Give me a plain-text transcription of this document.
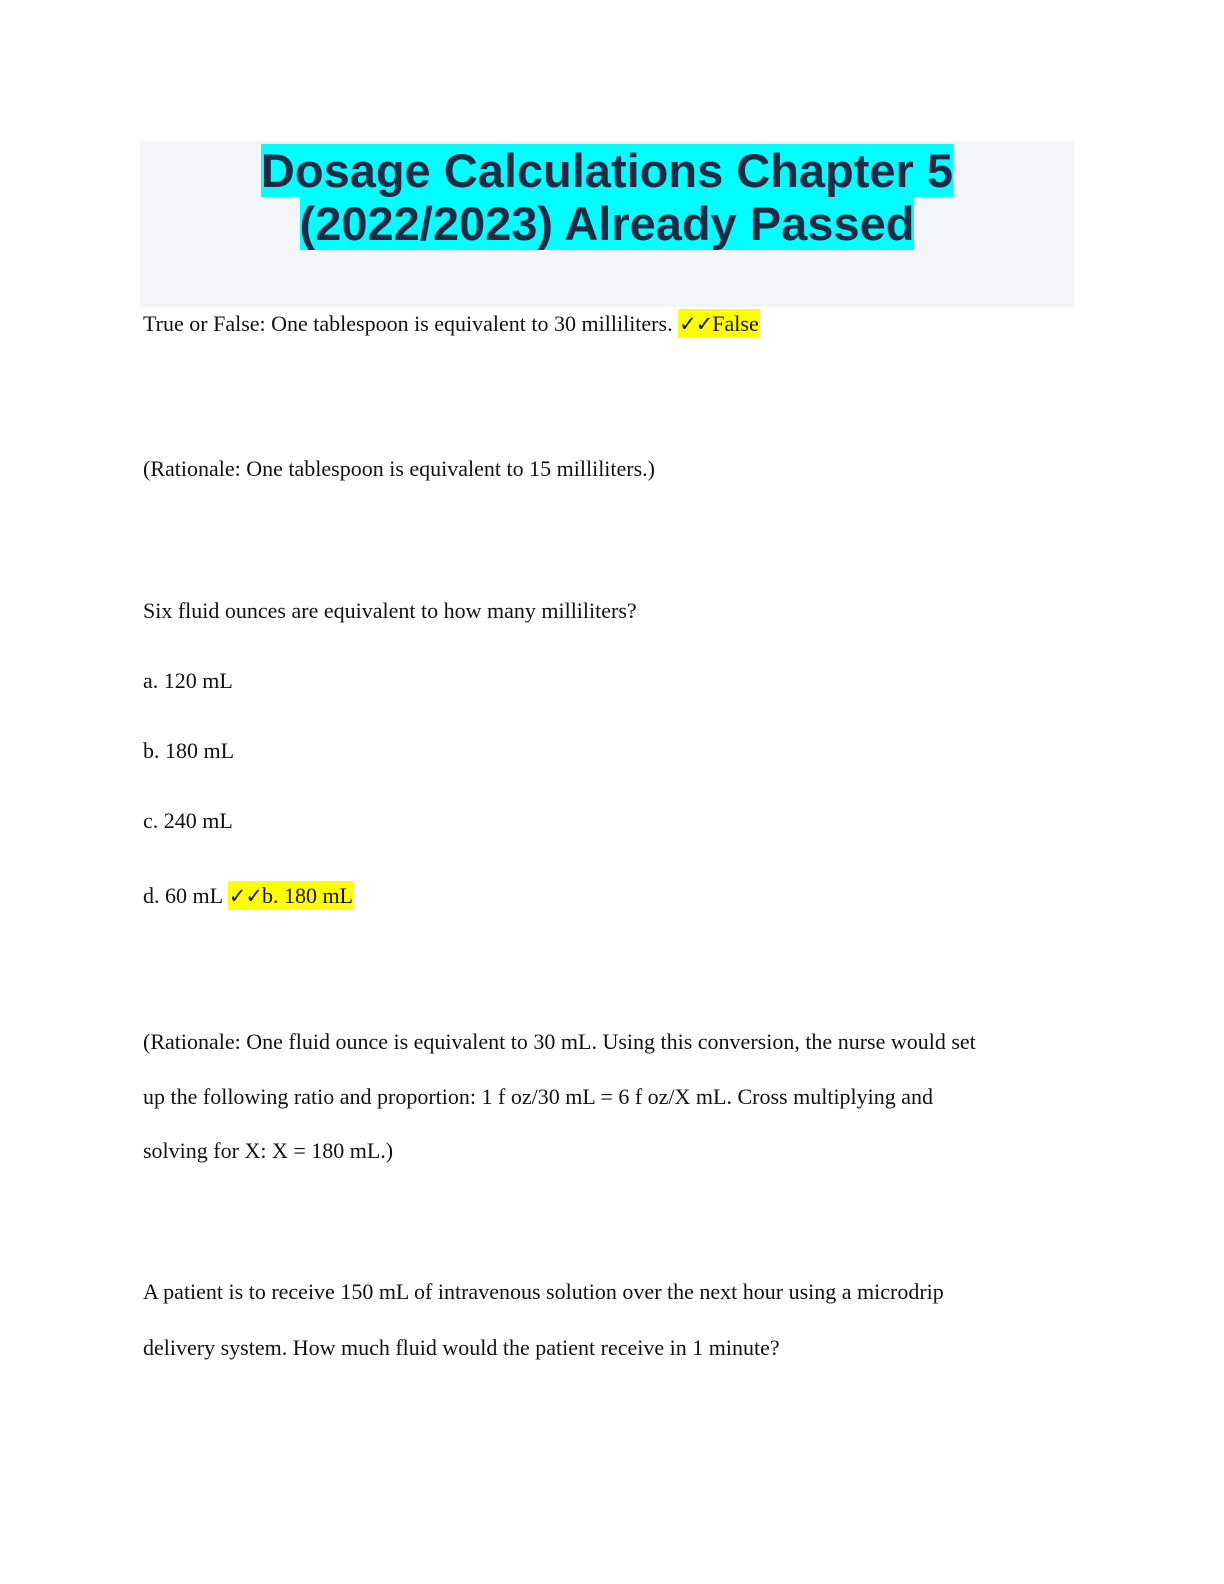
Dosage Calculations Chapter 5
(2022/2023) Already Passed
True or False: One tablespoon is equivalent to 30 milliliters. ✓✓False
(Rationale: One tablespoon is equivalent to 15 milliliters.)
Six fluid ounces are equivalent to how many milliliters?
a. 120 mL
b. 180 mL
c. 240 mL
d. 60 mL ✓✓b. 180 mL
(Rationale: One fluid ounce is equivalent to 30 mL. Using this conversion, the nurse would set
up the following ratio and proportion: 1 f oz/30 mL = 6 f oz/X mL. Cross multiplying and
solving for X: X = 180 mL.)
A patient is to receive 150 mL of intravenous solution over the next hour using a microdrip
delivery system. How much fluid would the patient receive in 1 minute?
